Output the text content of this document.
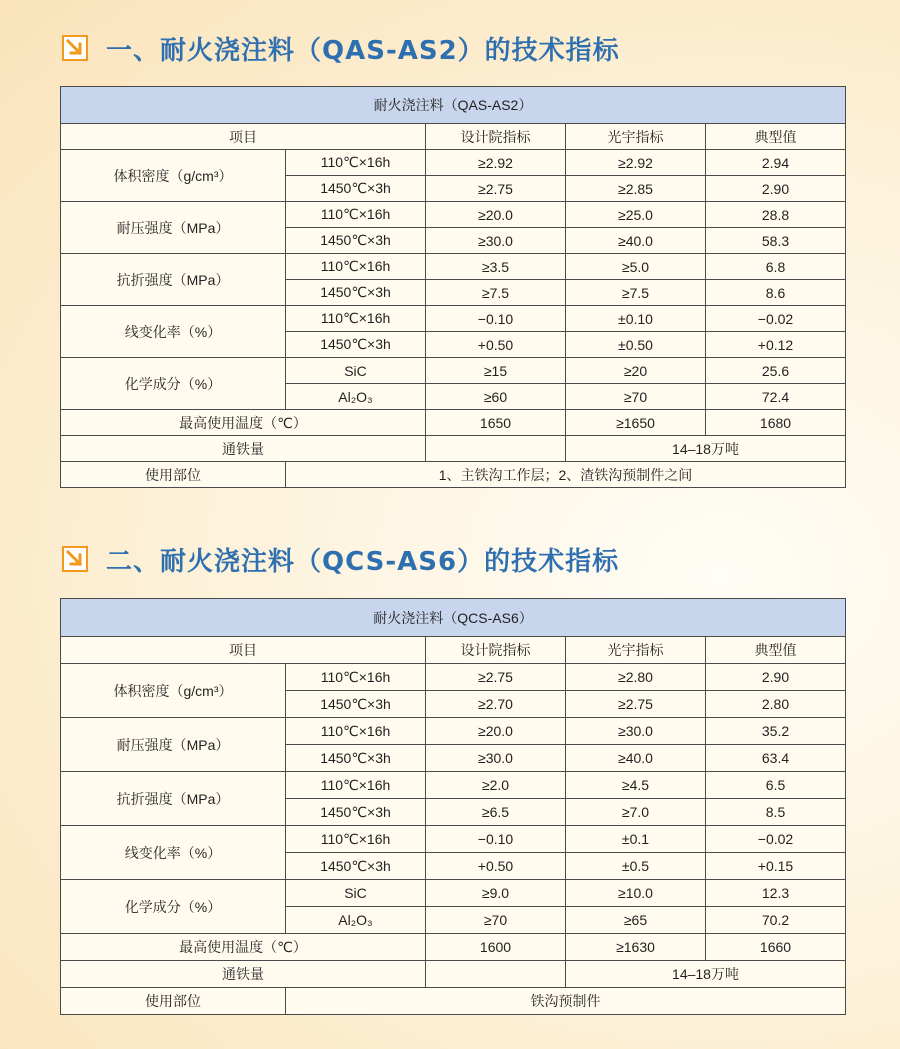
一、耐火浇注料（QAS-AS2）的技术指标
耐火浇注料（QAS-AS2）				
项目		设计院指标	光宇指标	典型值
体积密度（g/cm³）	110℃×16h	≥2.92	≥2.92	2.94
	1450℃×3h	≥2.75	≥2.85	2.90
耐压强度（MPa）	110℃×16h	≥20.0	≥25.0	28.8
	1450℃×3h	≥30.0	≥40.0	58.3
抗折强度（MPa）	110℃×16h	≥3.5	≥5.0	6.8
	1450℃×3h	≥7.5	≥7.5	8.6
线变化率（%）	110℃×16h	−0.10	±0.10	−0.02
	1450℃×3h	+0.50	±0.50	+0.12
化学成分（%）	SiC	≥15	≥20	25.6
	Al₂O₃	≥60	≥70	72.4
最高使用温度（℃）		1650	≥1650	1680
通铁量			14–18万吨	
使用部位	1、主铁沟工作层；2、渣铁沟预制件之间			
二、耐火浇注料（QCS-AS6）的技术指标
耐火浇注料（QCS-AS6）				
项目		设计院指标	光宇指标	典型值
体积密度（g/cm³）	110℃×16h	≥2.75	≥2.80	2.90
	1450℃×3h	≥2.70	≥2.75	2.80
耐压强度（MPa）	110℃×16h	≥20.0	≥30.0	35.2
	1450℃×3h	≥30.0	≥40.0	63.4
抗折强度（MPa）	110℃×16h	≥2.0	≥4.5	6.5
	1450℃×3h	≥6.5	≥7.0	8.5
线变化率（%）	110℃×16h	−0.10	±0.1	−0.02
	1450℃×3h	+0.50	±0.5	+0.15
化学成分（%）	SiC	≥9.0	≥10.0	12.3
	Al₂O₃	≥70	≥65	70.2
最高使用温度（℃）		1600	≥1630	1660
通铁量			14–18万吨	
使用部位	铁沟预制件			
